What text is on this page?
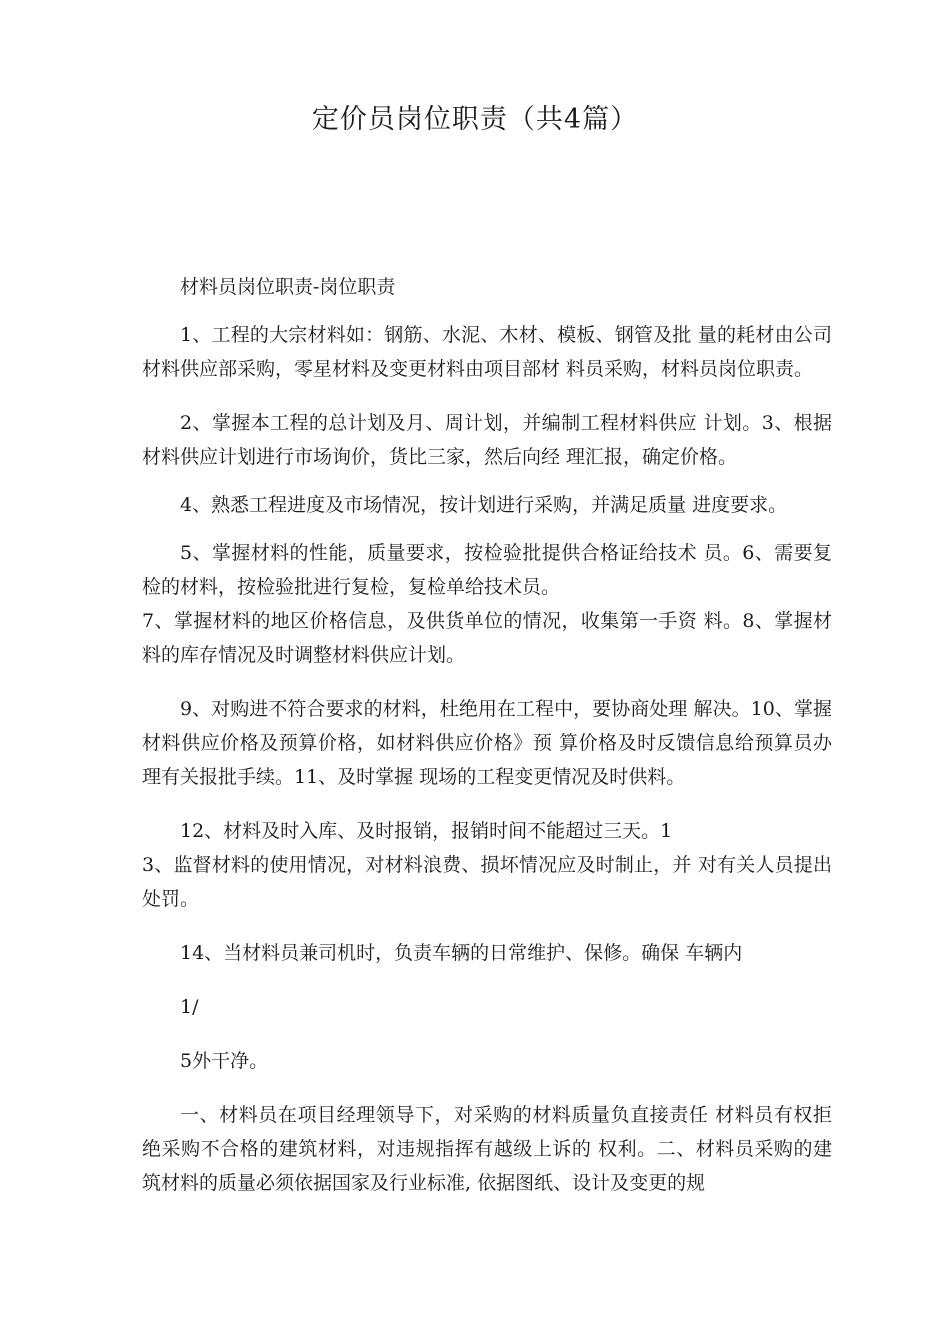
定价员岗位职责（共4篇）

材料员岗位职责-岗位职责

1、工程的大宗材料如：钢筋、水泥、木材、模板、钢管及批 量的耗材由公司材料供应部采购，零星材料及变更材料由项目部材 料员采购，材料员岗位职责。

2、掌握本工程的总计划及月、周计划，并编制工程材料供应 计划。3、根据材料供应计划进行市场询价，货比三家，然后向经 理汇报，确定价格。

4、熟悉工程进度及市场情况，按计划进行采购，并满足质量 进度要求。

5、掌握材料的性能，质量要求，按检验批提供合格证给技术 员。6、需要复检的材料，按检验批进行复检，复检单给技术员。

7、掌握材料的地区价格信息，及供货单位的情况，收集第一手资 料。8、掌握材料的库存情况及时调整材料供应计划。

9、对购进不符合要求的材料，杜绝用在工程中，要协商处理 解决。10、掌握材料供应价格及预算价格，如材料供应价格》预 算价格及时反馈信息给预算员办理有关报批手续。11、及时掌握 现场的工程变更情况及时供料。

12、材料及时入库、及时报销，报销时间不能超过三天。1

3、监督材料的使用情况，对材料浪费、损坏情况应及时制止，并 对有关人员提出处罚。

14、当材料员兼司机时，负责车辆的日常维护、保修。确保 车辆内

1/

5外干净。

一、材料员在项目经理领导下，对采购的材料质量负直接责任 材料员有权拒绝采购不合格的建筑材料，对违规指挥有越级上诉的 权利。二、材料员采购的建筑材料的质量必须依据国家及行业标准, 依据图纸、设计及变更的规
